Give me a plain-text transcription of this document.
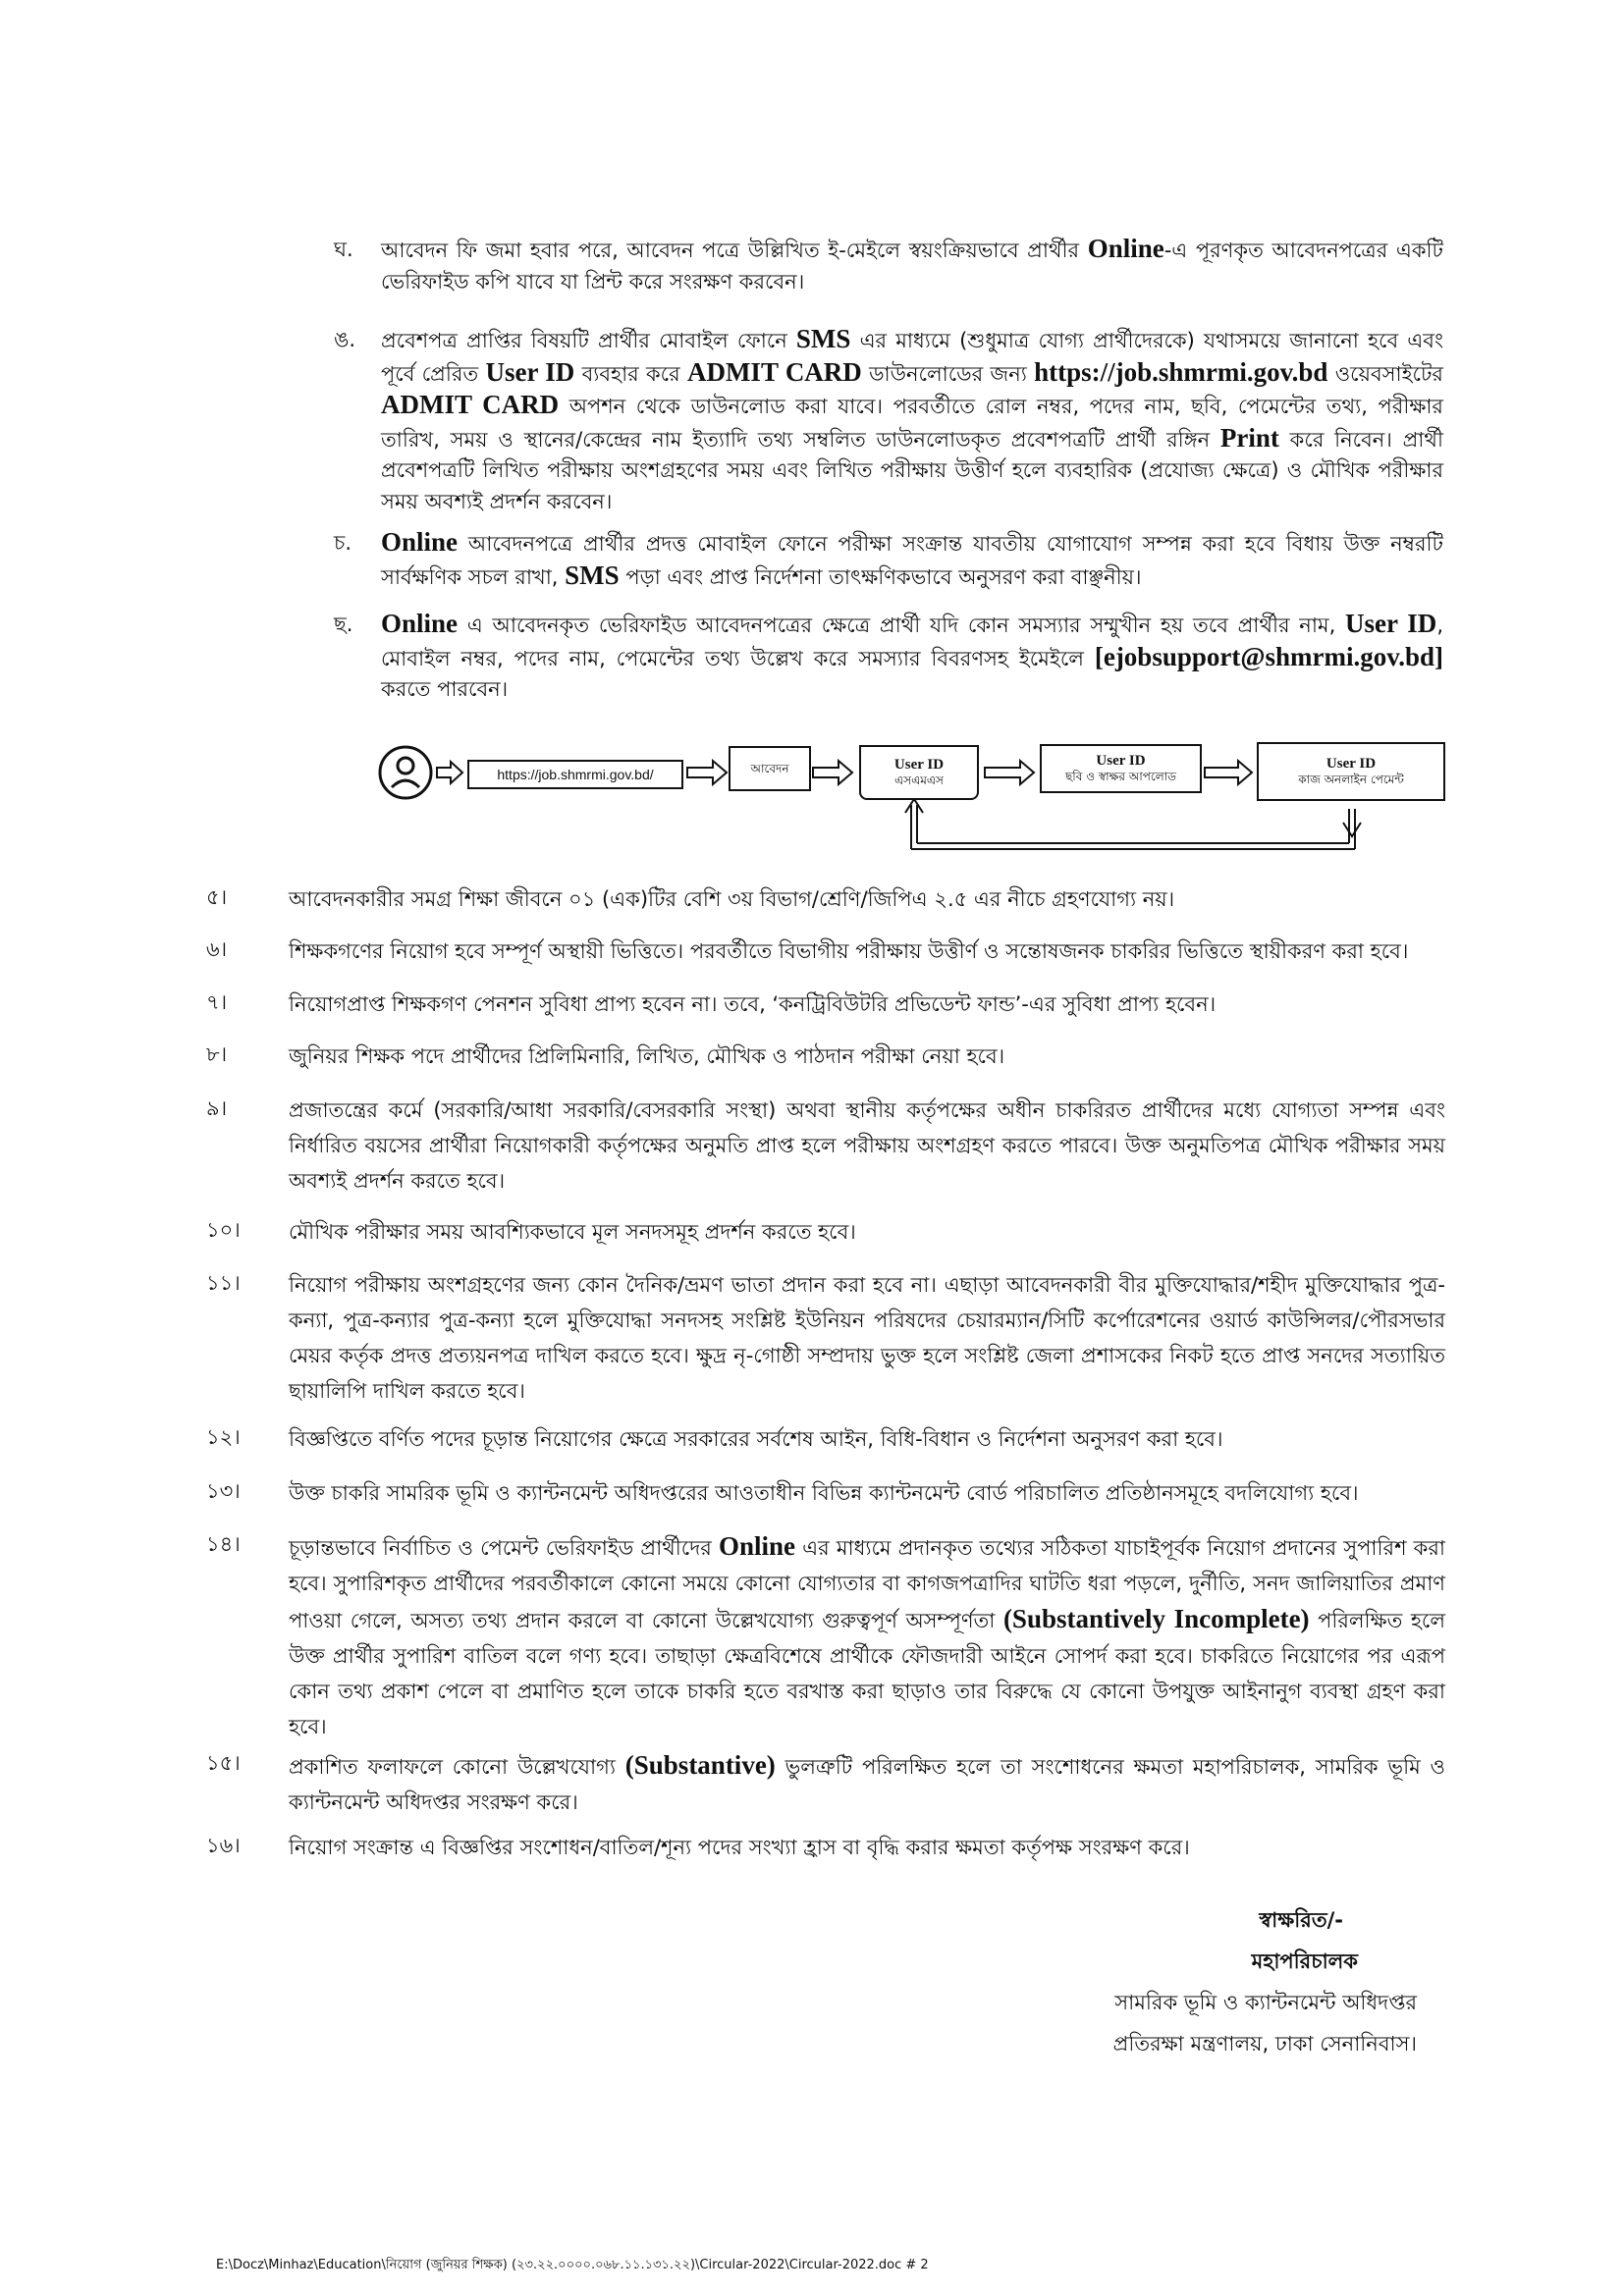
ঘ.	আবেদন ফি জমা হবার পরে, আবেদন পত্রে উল্লিখিত ই-মেইলে স্বয়ংক্রিয়ভাবে প্রার্থীর Online-এ পূরণকৃত আবেদনপত্রের একটি ভেরিফাইড কপি যাবে যা প্রিন্ট করে সংরক্ষণ করবেন।
ঙ.	প্রবেশপত্র প্রাপ্তির বিষয়টি প্রার্থীর মোবাইল ফোনে SMS এর মাধ্যমে (শুধুমাত্র যোগ্য প্রার্থীদেরকে) যথাসময়ে জানানো হবে এবং পূর্বে প্রেরিত User ID ব্যবহার করে ADMIT CARD ডাউনলোডের জন্য https://job.shmrmi.gov.bd ওয়েবসাইটের ADMIT CARD অপশন থেকে ডাউনলোড করা যাবে। পরবর্তীতে রোল নম্বর, পদের নাম, ছবি, পেমেন্টের তথ্য, পরীক্ষার তারিখ, সময় ও স্থানের/কেন্দ্রের নাম ইত্যাদি তথ্য সম্বলিত ডাউনলোডকৃত প্রবেশপত্রটি প্রার্থী রঙ্গিন Print করে নিবেন। প্রার্থী প্রবেশপত্রটি লিখিত পরীক্ষায় অংশগ্রহণের সময় এবং লিখিত পরীক্ষায় উত্তীর্ণ হলে ব্যবহারিক (প্রযোজ্য ক্ষেত্রে) ও মৌখিক পরীক্ষার সময় অবশ্যই প্রদর্শন করবেন।
চ.	Online আবেদনপত্রে প্রার্থীর প্রদত্ত মোবাইল ফোনে পরীক্ষা সংক্রান্ত যাবতীয় যোগাযোগ সম্পন্ন করা হবে বিধায় উক্ত নম্বরটি সার্বক্ষণিক সচল রাখা, SMS পড়া এবং প্রাপ্ত নির্দেশনা তাৎক্ষণিকভাবে অনুসরণ করা বাঞ্ছনীয়।
ছ.	Online এ আবেদনকৃত ভেরিফাইড আবেদনপত্রের ক্ষেত্রে প্রার্থী যদি কোন সমস্যার সম্মুখীন হয় তবে প্রার্থীর নাম, User ID, মোবাইল নম্বর, পদের নাম, পেমেন্টের তথ্য উল্লেখ করে সমস্যার বিবরণসহ ইমেইলে [ejobsupport@shmrmi.gov.bd] করতে পারবেন।
https://job.shmrmi.gov.bd/	আবেদন	User ID
এসএমএস
User ID
ছবি ও স্বাক্ষর আপলোড
User ID
কাজ অনলাইন পেমেন্ট
৫।	আবেদনকারীর সমগ্র শিক্ষা জীবনে ০১ (এক)টির বেশি ৩য় বিভাগ/শ্রেণি/জিপিএ ২.৫ এর নীচে গ্রহণযোগ্য নয়।
৬।	শিক্ষকগণের নিয়োগ হবে সম্পূর্ণ অস্থায়ী ভিত্তিতে। পরবর্তীতে বিভাগীয় পরীক্ষায় উত্তীর্ণ ও সন্তোষজনক চাকরির ভিত্তিতে স্থায়ীকরণ করা হবে।
৭।	নিয়োগপ্রাপ্ত শিক্ষকগণ পেনশন সুবিধা প্রাপ্য হবেন না। তবে, ‘কনট্রিবিউটরি প্রভিডেন্ট ফান্ড’-এর সুবিধা প্রাপ্য হবেন।
৮।	জুনিয়র শিক্ষক পদে প্রার্থীদের প্রিলিমিনারি, লিখিত, মৌখিক ও পাঠদান পরীক্ষা নেয়া হবে।
৯।	প্রজাতন্ত্রের কর্মে (সরকারি/আধা সরকারি/বেসরকারি সংস্থা) অথবা স্থানীয় কর্তৃপক্ষের অধীন চাকরিরত প্রার্থীদের মধ্যে যোগ্যতা সম্পন্ন এবং নির্ধারিত বয়সের প্রার্থীরা নিয়োগকারী কর্তৃপক্ষের অনুমতি প্রাপ্ত হলে পরীক্ষায় অংশগ্রহণ করতে পারবে। উক্ত অনুমতিপত্র মৌখিক পরীক্ষার সময় অবশ্যই প্রদর্শন করতে হবে।
১০।	মৌখিক পরীক্ষার সময় আবশ্যিকভাবে মূল সনদসমূহ প্রদর্শন করতে হবে।
১১।	নিয়োগ পরীক্ষায় অংশগ্রহণের জন্য কোন দৈনিক/ভ্রমণ ভাতা প্রদান করা হবে না। এছাড়া আবেদনকারী বীর মুক্তিযোদ্ধার/শহীদ মুক্তিযোদ্ধার পুত্র-কন্যা, পুত্র-কন্যার পুত্র-কন্যা হলে মুক্তিযোদ্ধা সনদসহ সংশ্লিষ্ট ইউনিয়ন পরিষদের চেয়ারম্যান/সিটি কর্পোরেশনের ওয়ার্ড কাউন্সিলর/পৌরসভার মেয়র কর্তৃক প্রদত্ত প্রত্যয়নপত্র দাখিল করতে হবে। ক্ষুদ্র নৃ-গোষ্ঠী সম্প্রদায় ভুক্ত হলে সংশ্লিষ্ট জেলা প্রশাসকের নিকট হতে প্রাপ্ত সনদের সত্যায়িত ছায়ালিপি দাখিল করতে হবে।
১২।	বিজ্ঞপ্তিতে বর্ণিত পদের চূড়ান্ত নিয়োগের ক্ষেত্রে সরকারের সর্বশেষ আইন, বিধি-বিধান ও নির্দেশনা অনুসরণ করা হবে।
১৩।	উক্ত চাকরি সামরিক ভূমি ও ক্যান্টনমেন্ট অধিদপ্তরের আওতাধীন বিভিন্ন ক্যান্টনমেন্ট বোর্ড পরিচালিত প্রতিষ্ঠানসমূহে বদলিযোগ্য হবে।
১৪।	চূড়ান্তভাবে নির্বাচিত ও পেমেন্ট ভেরিফাইড প্রার্থীদের Online এর মাধ্যমে প্রদানকৃত তথ্যের সঠিকতা যাচাইপূর্বক নিয়োগ প্রদানের সুপারিশ করা হবে। সুপারিশকৃত প্রার্থীদের পরবর্তীকালে কোনো সময়ে কোনো যোগ্যতার বা কাগজপত্রাদির ঘাটতি ধরা পড়লে, দুর্নীতি, সনদ জালিয়াতির প্রমাণ পাওয়া গেলে, অসত্য তথ্য প্রদান করলে বা কোনো উল্লেখযোগ্য গুরুত্বপূর্ণ অসম্পূর্ণতা (Substantively Incomplete) পরিলক্ষিত হলে উক্ত প্রার্থীর সুপারিশ বাতিল বলে গণ্য হবে। তাছাড়া ক্ষেত্রবিশেষে প্রার্থীকে ফৌজদারী আইনে সোপর্দ করা হবে। চাকরিতে নিয়োগের পর এরূপ কোন তথ্য প্রকাশ পেলে বা প্রমাণিত হলে তাকে চাকরি হতে বরখাস্ত করা ছাড়াও তার বিরুদ্ধে যে কোনো উপযুক্ত আইনানুগ ব্যবস্থা গ্রহণ করা হবে।
১৫।	প্রকাশিত ফলাফলে কোনো উল্লেখযোগ্য (Substantive) ভুলত্রুটি পরিলক্ষিত হলে তা সংশোধনের ক্ষমতা মহাপরিচালক, সামরিক ভূমি ও ক্যান্টনমেন্ট অধিদপ্তর সংরক্ষণ করে।
১৬।	নিয়োগ সংক্রান্ত এ বিজ্ঞপ্তির সংশোধন/বাতিল/শূন্য পদের সংখ্যা হ্রাস বা বৃদ্ধি করার ক্ষমতা কর্তৃপক্ষ সংরক্ষণ করে।
স্বাক্ষরিত/-
মহাপরিচালক
সামরিক ভূমি ও ক্যান্টনমেন্ট অধিদপ্তর
প্রতিরক্ষা মন্ত্রণালয়, ঢাকা সেনানিবাস।
E:\Docz\Minhaz\Education\নিয়োগ (জুনিয়র শিক্ষক) (২৩.২২.০০০০.০৬৮.১১.১৩১.২২)\Circular-2022\Circular-2022.doc # 2
